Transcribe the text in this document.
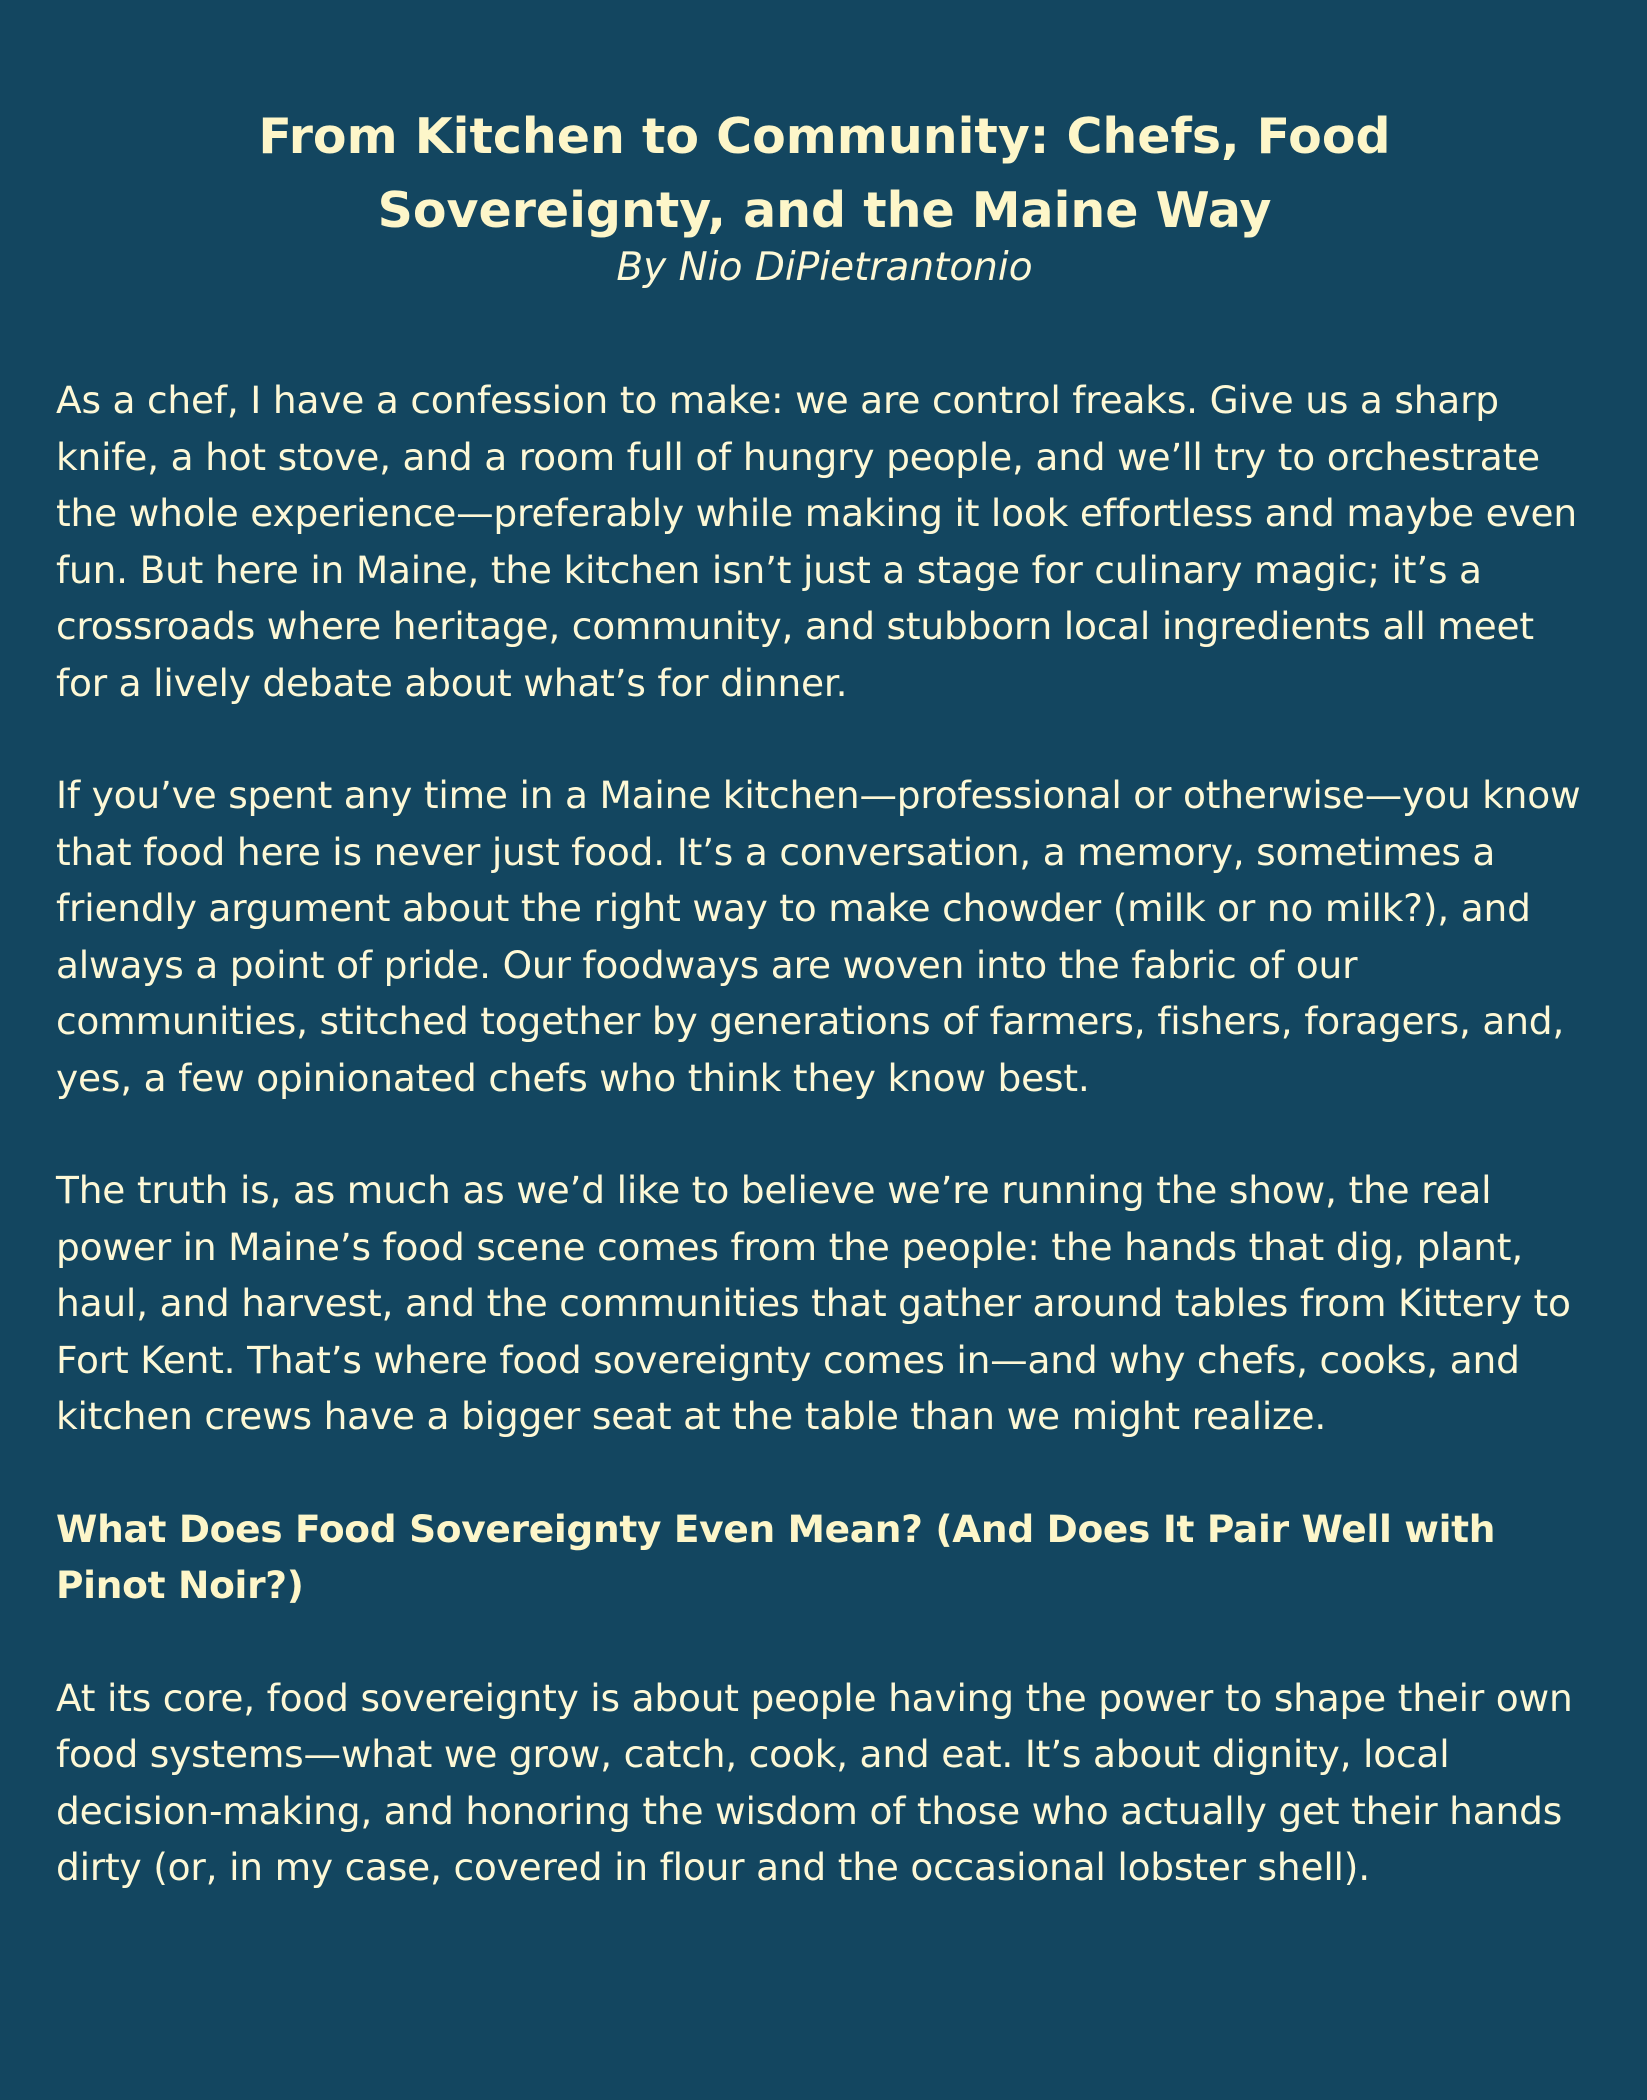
From Kitchen to Community: Chefs, Food Sovereignty, and the Maine Way
By Nio DiPietrantonio

As a chef, I have a confession to make: we are control freaks. Give us a sharp knife, a hot stove, and a room full of hungry people, and we’ll try to orchestrate the whole experience—preferably while making it look effortless and maybe even fun. But here in Maine, the kitchen isn’t just a stage for culinary magic; it’s a crossroads where heritage, community, and stubborn local ingredients all meet for a lively debate about what’s for dinner.

If you’ve spent any time in a Maine kitchen—professional or otherwise—you know that food here is never just food. It’s a conversation, a memory, sometimes a friendly argument about the right way to make chowder (milk or no milk?), and always a point of pride. Our foodways are woven into the fabric of our communities, stitched together by generations of farmers, fishers, foragers, and, yes, a few opinionated chefs who think they know best.

The truth is, as much as we’d like to believe we’re running the show, the real power in Maine’s food scene comes from the people: the hands that dig, plant, haul, and harvest, and the communities that gather around tables from Kittery to Fort Kent. That’s where food sovereignty comes in—and why chefs, cooks, and kitchen crews have a bigger seat at the table than we might realize.

What Does Food Sovereignty Even Mean? (And Does It Pair Well with Pinot Noir?)

At its core, food sovereignty is about people having the power to shape their own food systems—what we grow, catch, cook, and eat. It’s about dignity, local decision-making, and honoring the wisdom of those who actually get their hands dirty (or, in my case, covered in flour and the occasional lobster shell).
